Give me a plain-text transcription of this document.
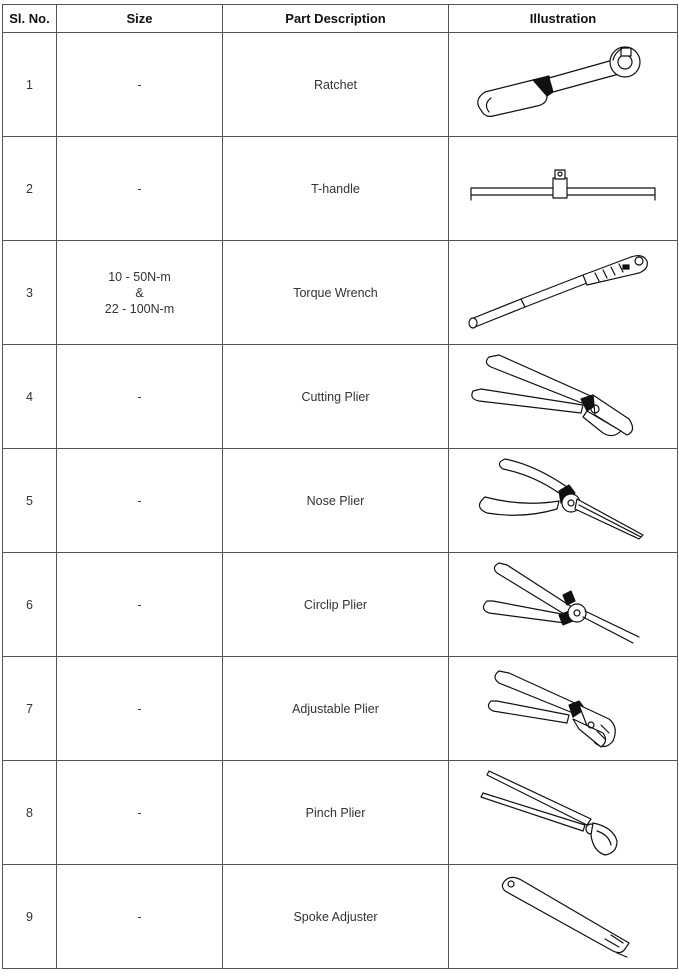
Sl. No.	Size	Part Description	Illustration
1	-	Ratchet	

2	-	T-handle	

3	10 - 50N-m
&
22 - 100N-m	Torque Wrench	

4	-	Cutting Plier	

5	-	Nose Plier	

6	-	Circlip Plier	

7	-	Adjustable Plier	

8	-	Pinch Plier	

9	-	Spoke Adjuster	
